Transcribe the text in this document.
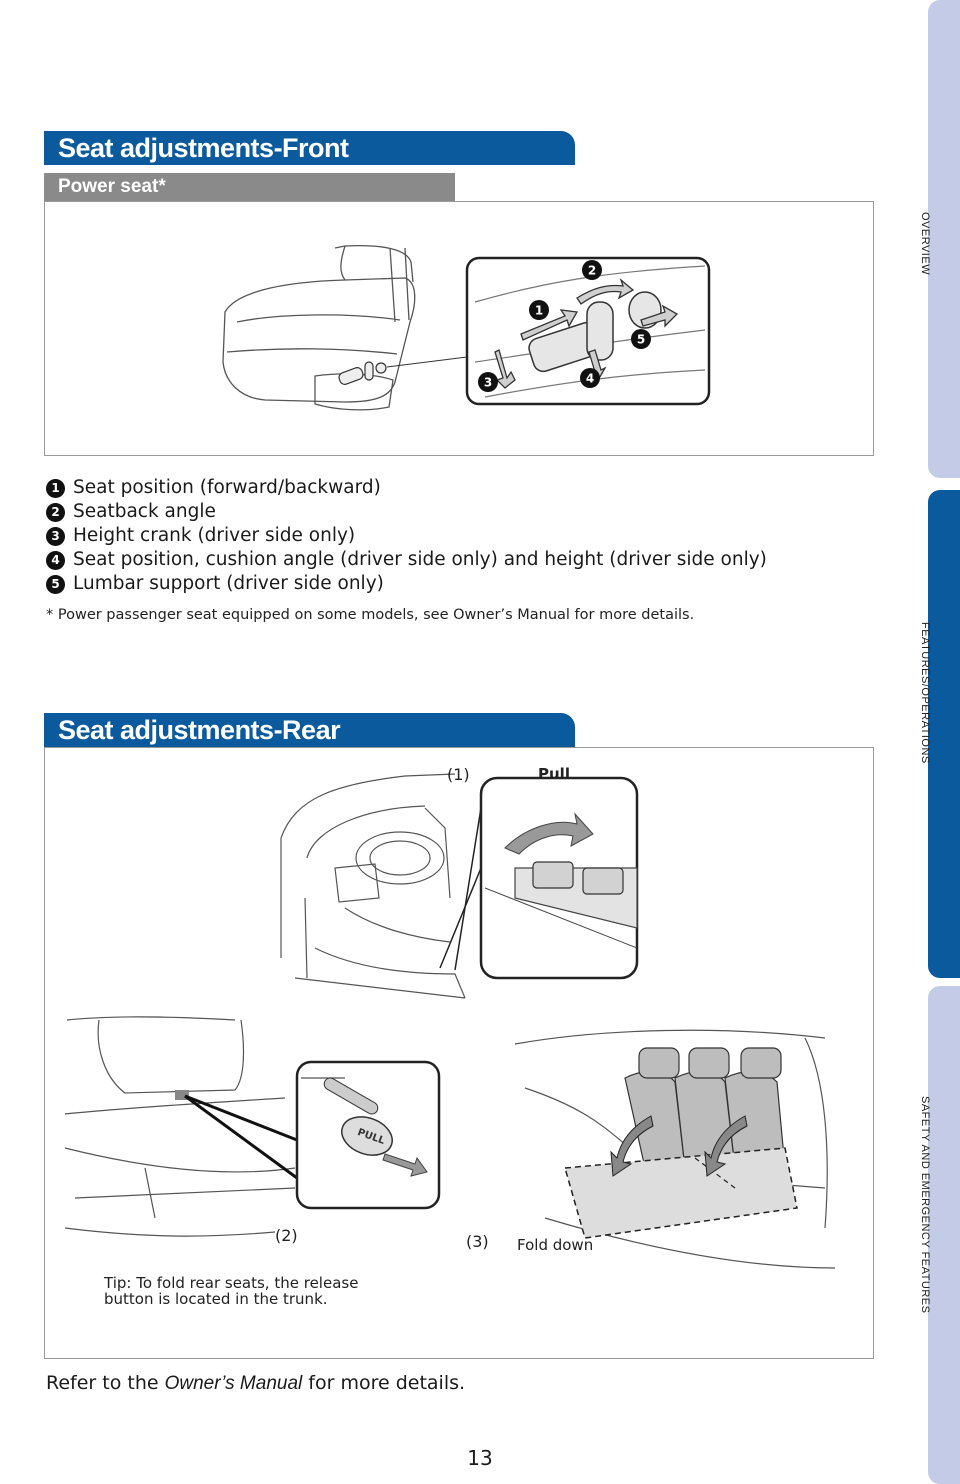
Seat adjustments-Front
Power seat*
2
1
5
3	4
1 Seat position (forward/backward)
2 Seatback angle
3 Height crank (driver side only)
4 Seat position, cushion angle (driver side only) and height (driver side only)
5 Lumbar support (driver side only)
* Power passenger seat equipped on some models, see Owner’s Manual for more details.
Seat adjustments-Rear
PULL
(1)	Pull
(2)	(3) Fold down
Tip: To fold rear seats, the release button is located in the trunk.
Refer to the Owner’s Manual for more details.
13
OVERVIEW
FEATURES/OPERATIONS
SAFETY AND EMERGENCY FEATURES
